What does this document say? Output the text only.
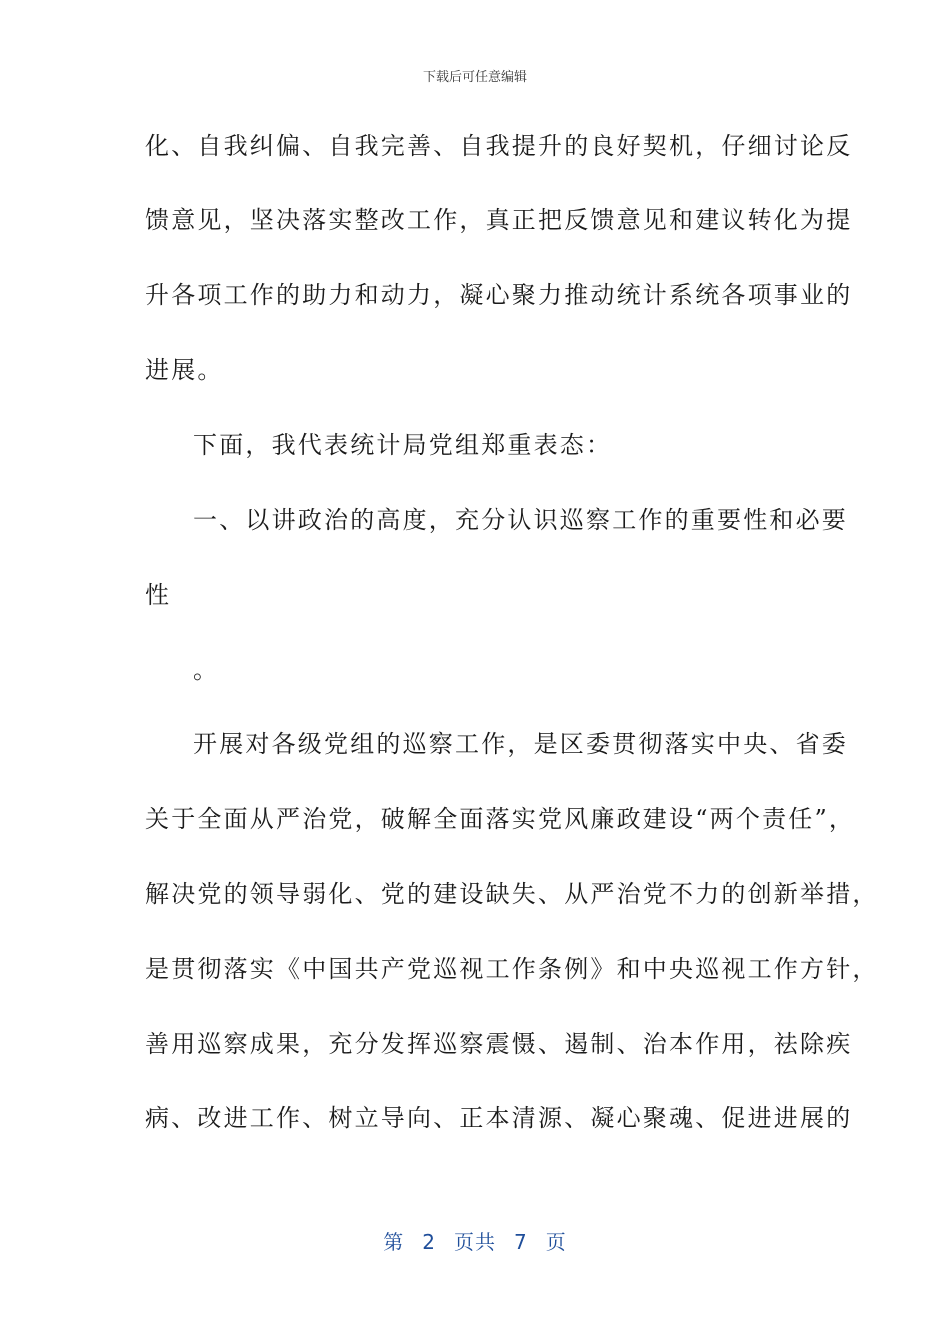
下载后可任意编辑
化、自我纠偏、自我完善、自我提升的良好契机，仔细讨论反
馈意见，坚决落实整改工作，真正把反馈意见和建议转化为提
升各项工作的助力和动力，凝心聚力推动统计系统各项事业的
进展。
下面，我代表统计局党组郑重表态：
一、以讲政治的高度，充分认识巡察工作的重要性和必要
性
。
开展对各级党组的巡察工作，是区委贯彻落实中央、省委
关于全面从严治党，破解全面落实党风廉政建设“两个责任”，
解决党的领导弱化、党的建设缺失、从严治党不力的创新举措，
是贯彻落实《中国共产党巡视工作条例》和中央巡视工作方针，
善用巡察成果，充分发挥巡察震慑、遏制、治本作用，祛除疾
病、改进工作、树立导向、正本清源、凝心聚魂、促进进展的
第 2 页共 7 页
